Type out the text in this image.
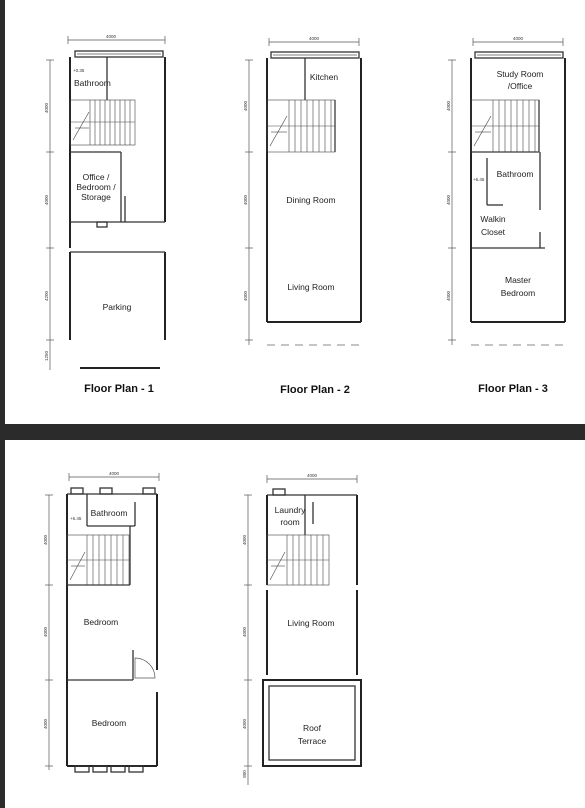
4000
4000
4000
4200
1250
+0.35
Bathroom
Office /
Bedroom /
Storage
Parking
Floor Plan - 1
4000
4000
4000
4000
Kitchen
Dining Room
Living Room
Floor Plan - 2
4000
4000
4000
4000
Study Room
/Office
+6.45
Bathroom
Walkin
Closet
Master
Bedroom
Floor Plan - 3
4000
4000
4000
4000
+6.45
Bathroom
Bedroom
Bedroom
4000
4000
4000
4000
800
Laundry
room
Living Room
Roof
Terrace
